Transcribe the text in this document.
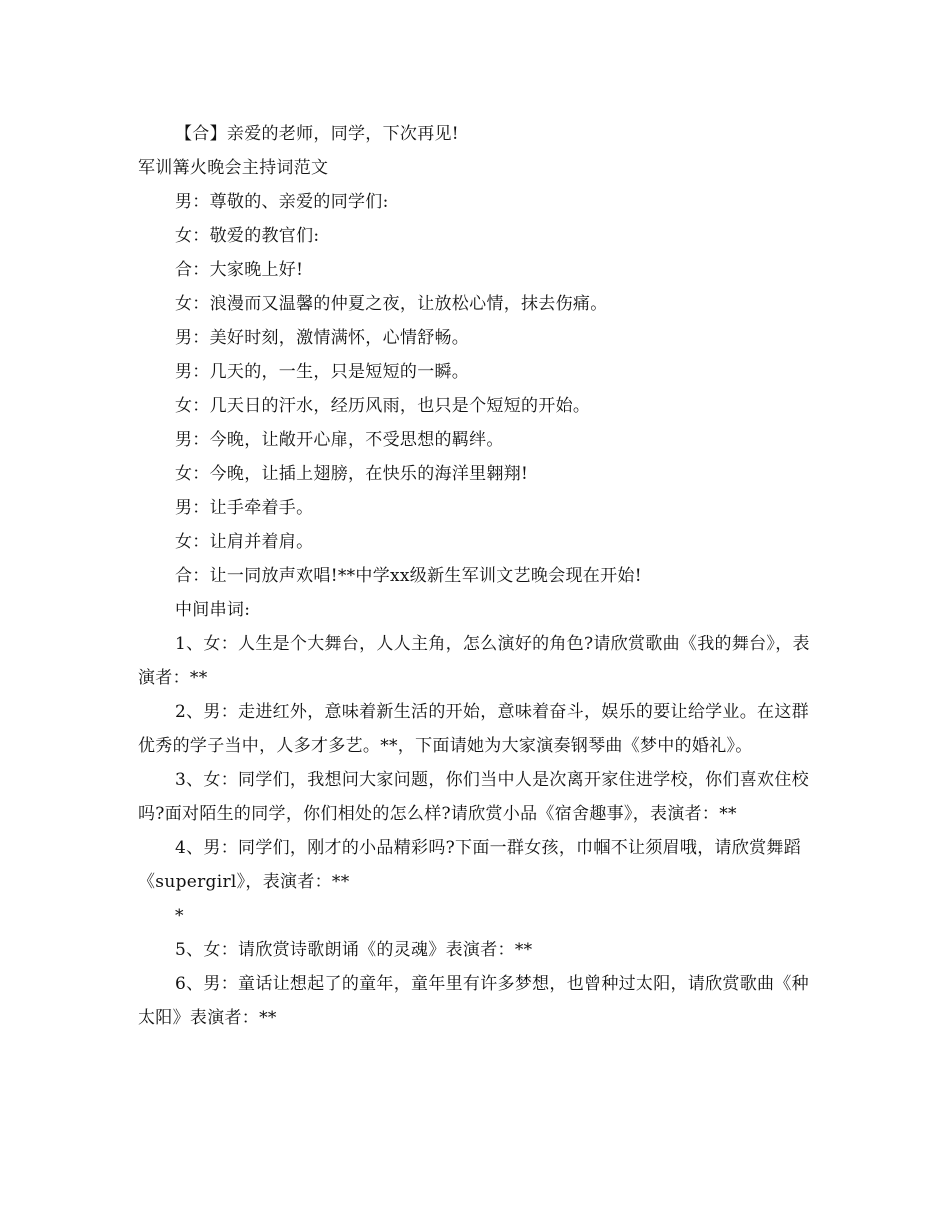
【合】亲爱的老师，同学，下次再见!

军训篝火晚会主持词范文

男：尊敬的、亲爱的同学们:

女：敬爱的教官们:

合：大家晚上好!

女：浪漫而又温馨的仲夏之夜，让放松心情，抹去伤痛。

男：美好时刻，激情满怀，心情舒畅。

男：几天的，一生，只是短短的一瞬。

女：几天日的汗水，经历风雨，也只是个短短的开始。

男：今晚，让敞开心扉，不受思想的羁绊。

女：今晚，让插上翅膀，在快乐的海洋里翱翔!

男：让手牵着手。

女：让肩并着肩。

合：让一同放声欢唱!**中学xx级新生军训文艺晚会现在开始!

中间串词:

1、女：人生是个大舞台，人人主角，怎么演好的角色?请欣赏歌曲《我的舞台》，表演者：**

2、男：走进红外，意味着新生活的开始，意味着奋斗，娱乐的要让给学业。在这群优秀的学子当中，人多才多艺。**，下面请她为大家演奏钢琴曲《梦中的婚礼》。

3、女：同学们，我想问大家问题，你们当中人是次离开家住进学校，你们喜欢住校吗?面对陌生的同学，你们相处的怎么样?请欣赏小品《宿舍趣事》，表演者：**

4、男：同学们，刚才的小品精彩吗?下面一群女孩，巾帼不让须眉哦，请欣赏舞蹈《supergirl》，表演者：**

*

5、女：请欣赏诗歌朗诵《的灵魂》表演者：**

6、男：童话让想起了的童年，童年里有许多梦想，也曾种过太阳，请欣赏歌曲《种太阳》表演者：**
